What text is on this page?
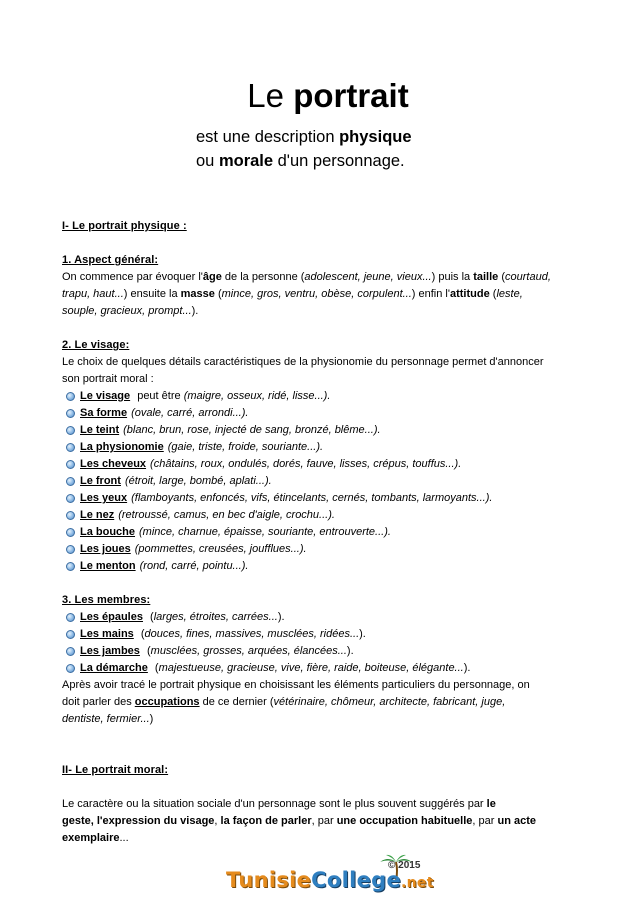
Le portrait
est une description physique
ou morale d'un personnage.
I- Le portrait physique :
1. Aspect général:
On commence par évoquer l'âge de la personne (adolescent, jeune, vieux...) puis la taille (courtaud,
trapu, haut...) ensuite la masse (mince, gros, ventru, obèse, corpulent...) enfin l'attitude (leste,
souple, gracieux, prompt...).
2. Le visage:
Le choix de quelques détails caractéristiques de la physionomie du personnage permet d'annoncer
son portrait moral :
Le visage peut être (maigre, osseux, ridé, lisse...).
Sa forme (ovale, carré, arrondi...).
Le teint (blanc, brun, rose, injecté de sang, bronzé, blême...).
La physionomie (gaie, triste, froide, souriante...).
Les cheveux (châtains, roux, ondulés, dorés, fauve, lisses, crépus, touffus...).
Le front (étroit, large, bombé, aplati...).
Les yeux (flamboyants, enfoncés, vifs, étincelants, cernés, tombants, larmoyants...).
Le nez (retroussé, camus, en bec d'aigle, crochu...).
La bouche (mince, charnue, épaisse, souriante, entrouverte...).
Les joues (pommettes, creusées, joufflues...).
Le menton (rond, carré, pointu...).
3. Les membres:
Les épaules ( larges, étroites, carrées... ).
Les mains ( douces, fines, massives, musclées, ridées... ).
Les jambes ( musclées, grosses, arquées, élancées... ).
La démarche ( majestueuse, gracieuse, vive, fière, raide, boiteuse, élégante... ).
Après avoir tracé le portrait physique en choisissant les éléments particuliers du personnage, on
doit parler des occupations de ce dernier (vétérinaire, chômeur, architecte, fabricant, juge,
dentiste, fermier...)
II- Le portrait moral:
Le caractère ou la situation sociale d'un personnage sont le plus souvent suggérés par le
geste, l'expression du visage, la façon de parler, par une occupation habituelle, par un acte
exemplaire...
TunisieCollege.net
© 2015
